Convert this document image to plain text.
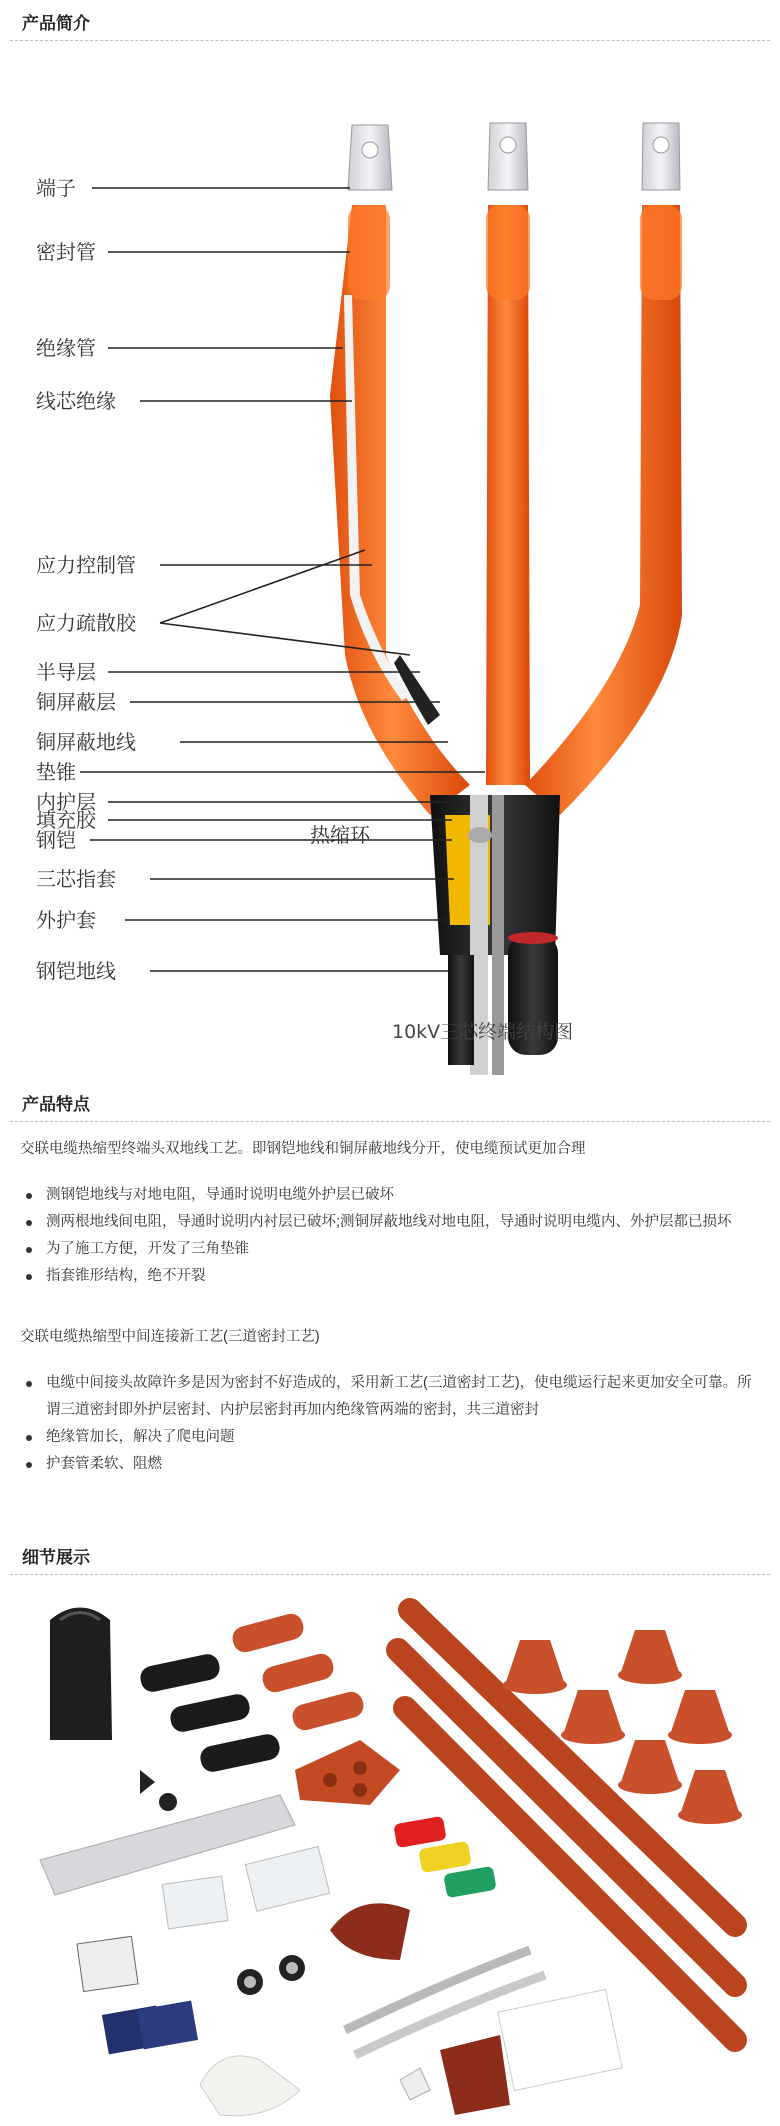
产品简介
端子
密封管
绝缘管
线芯绝缘
应力控制管
应力疏散胶
半导层
铜屏蔽层
铜屏蔽地线
垫锥
内护层
填充胶
钢铠
三芯指套
外护套
钢铠地线
热缩环
10kV三芯终端结构图
产品特点
交联电缆热缩型终端头双地线工艺。即钢铠地线和铜屏蔽地线分开，使电缆预试更加合理
测钢铠地线与对地电阻，导通时说明电缆外护层已破坏
测两根地线间电阻，导通时说明内衬层已破坏;测铜屏蔽地线对地电阻，导通时说明电缆内、外护层都已损坏
为了施工方便，开发了三角垫锥
指套锥形结构，绝不开裂
交联电缆热缩型中间连接新工艺(三道密封工艺)
电缆中间接头故障许多是因为密封不好造成的，采用新工艺(三道密封工艺)，使电缆运行起来更加安全可靠。所谓三道密封即外护层密封、内护层密封再加内绝缘管两端的密封，共三道密封
绝缘管加长，解决了爬电问题
护套管柔软、阻燃
细节展示
